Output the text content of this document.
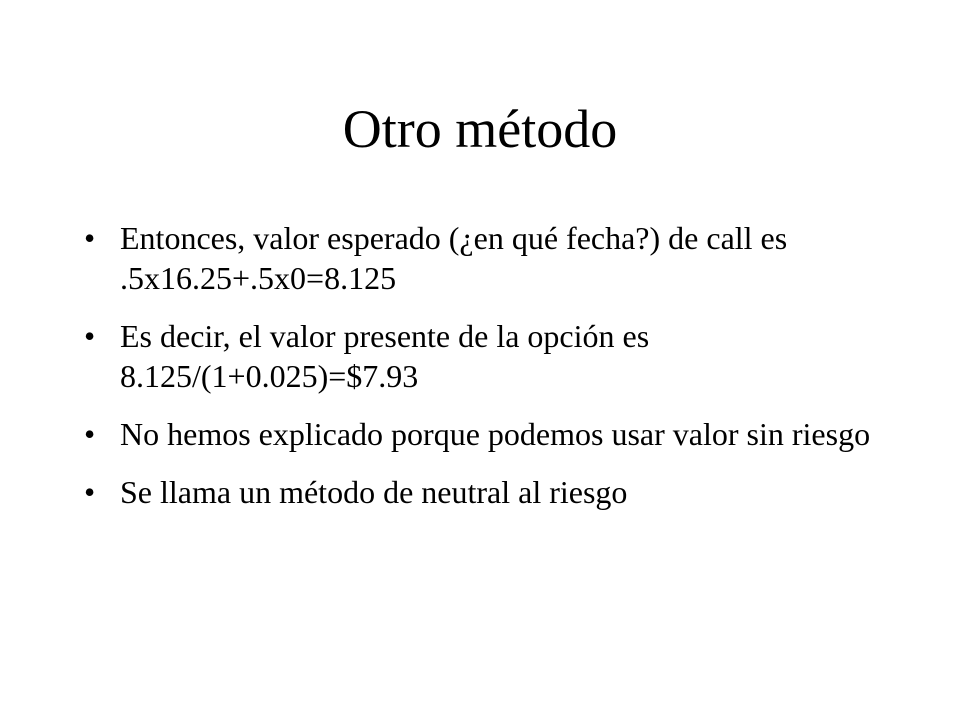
Otro método
• Entonces, valor esperado (¿en qué fecha?) de call es .5x16.25+.5x0=8.125
• Es decir, el valor presente de la opción es 8.125/(1+0.025)=$7.93
• No hemos explicado porque podemos usar valor sin riesgo
• Se llama un método de neutral al riesgo
